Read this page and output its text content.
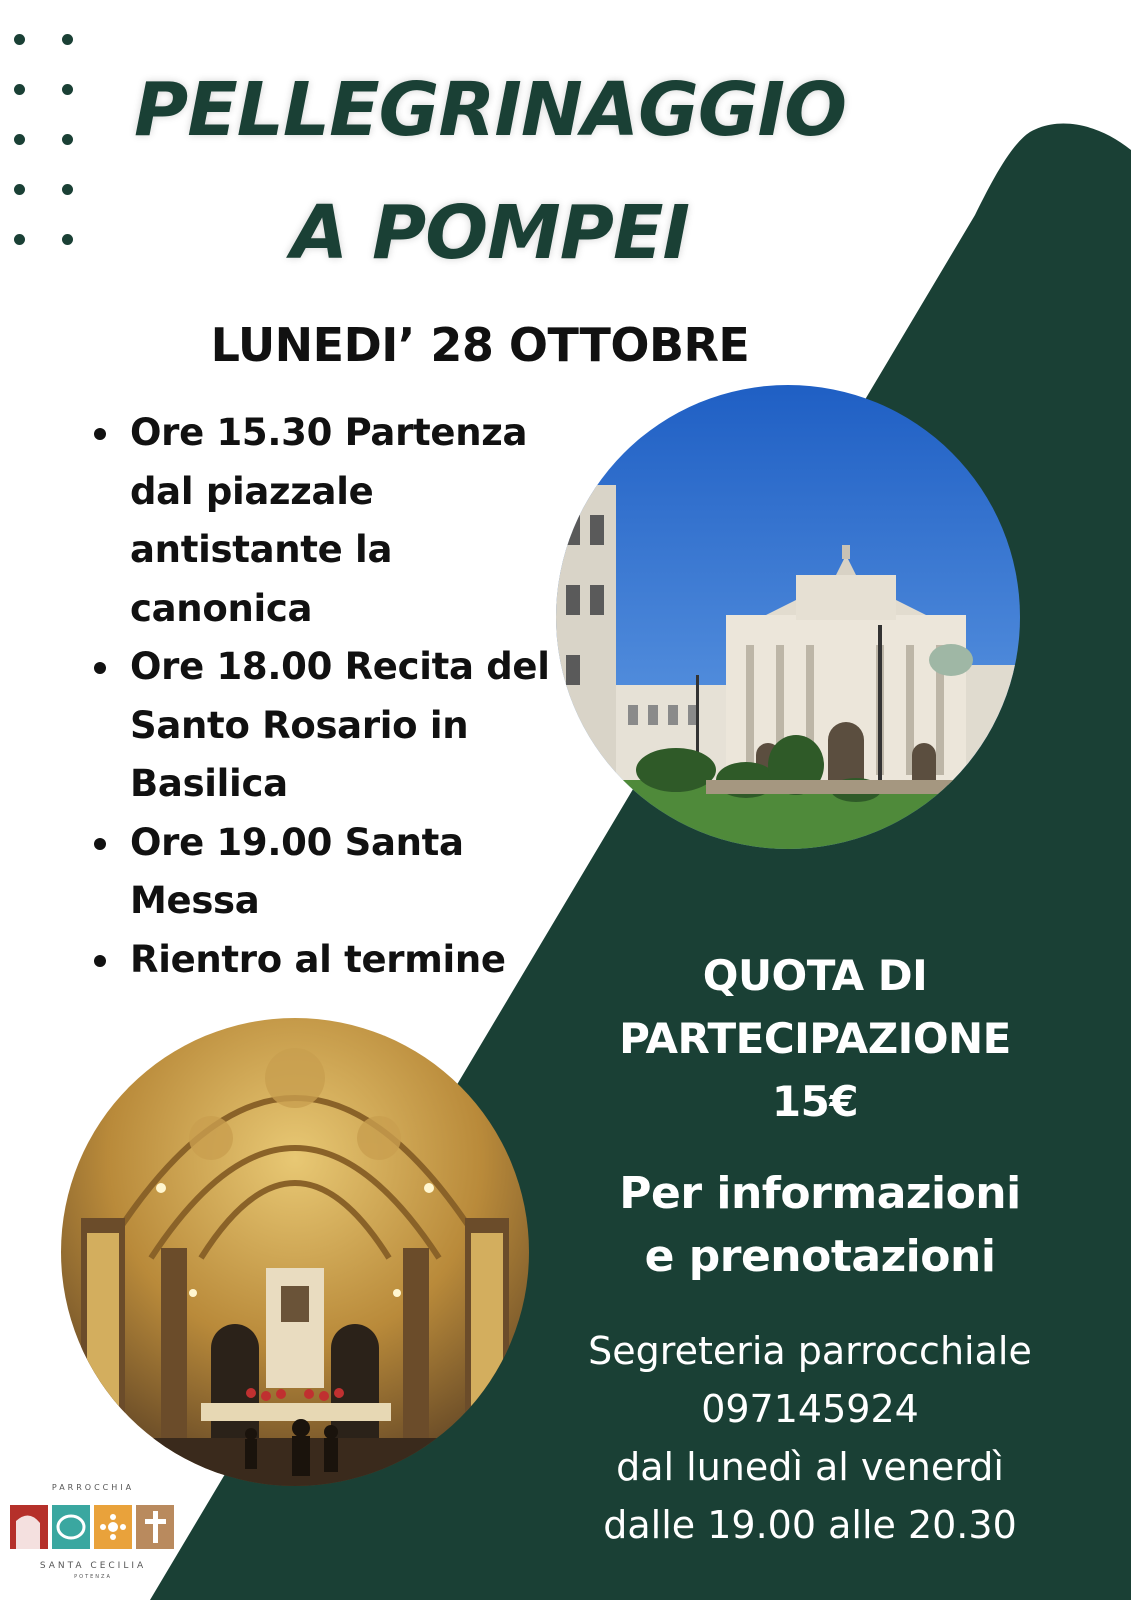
PELLEGRINAGGIO
A POMPEI
LUNEDI’ 28 OTTOBRE
Ore 15.30 Partenza dal piazzale antistante la canonica
Ore 18.00 Recita del Santo Rosario in Basilica
Ore 19.00 Santa Messa
Rientro al termine	QUOTA DI
PARTECIPAZIONE
15€
Per informazioni
e prenotazioni
Segreteria parrocchiale
097145924
dal lunedì al venerdì
dalle 19.00 alle 20.30
PARROCCHIA
SANTA CECILIA
POTENZA
